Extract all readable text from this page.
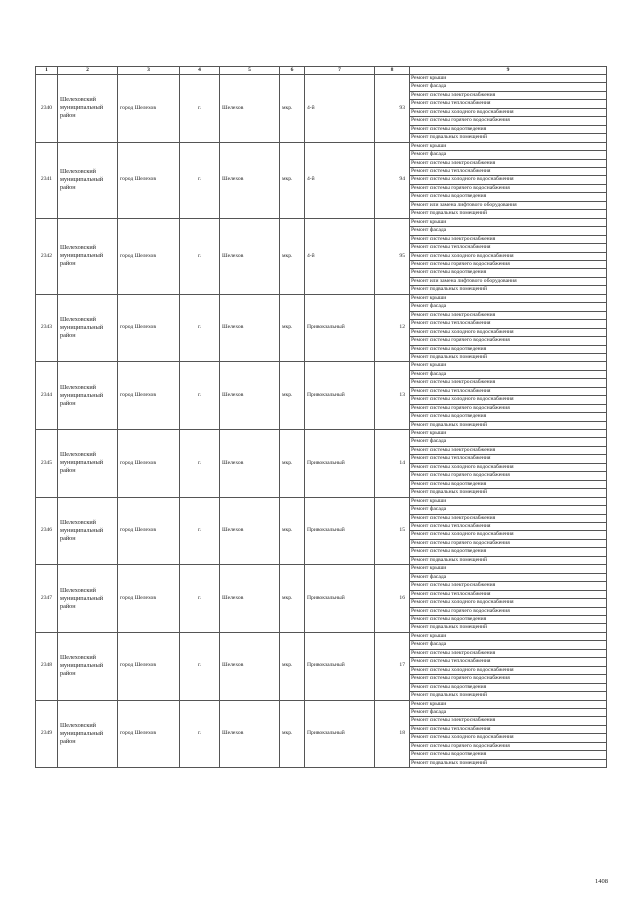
1	2	3	4	5	6	7	8	9
2340	Шелеховский муниципальный район	город Шелехов	г.	Шелехов	мкр.	4-й	93	Ремонт крыши
								Ремонт фасада
								Ремонт системы электроснабжения
								Ремонт системы теплоснабжения
								Ремонт системы холодного водоснабжения
								Ремонт системы горячего водоснабжения
								Ремонт системы водоотведения
								Ремонт подвальных помещений
2341	Шелеховский муниципальный район	город Шелехов	г.	Шелехов	мкр.	4-й	94	Ремонт крыши
								Ремонт фасада
								Ремонт системы электроснабжения
								Ремонт системы теплоснабжения
								Ремонт системы холодного водоснабжения
								Ремонт системы горячего водоснабжения
								Ремонт системы водоотведения
								Ремонт или замена лифтового оборудования
								Ремонт подвальных помещений
2342	Шелеховский муниципальный район	город Шелехов	г.	Шелехов	мкр.	4-й	95	Ремонт крыши
								Ремонт фасада
								Ремонт системы электроснабжения
								Ремонт системы теплоснабжения
								Ремонт системы холодного водоснабжения
								Ремонт системы горячего водоснабжения
								Ремонт системы водоотведения
								Ремонт или замена лифтового оборудования
								Ремонт подвальных помещений
2343	Шелеховский муниципальный район	город Шелехов	г.	Шелехов	мкр.	Привокзальный	12	Ремонт крыши
								Ремонт фасада
								Ремонт системы электроснабжения
								Ремонт системы теплоснабжения
								Ремонт системы холодного водоснабжения
								Ремонт системы горячего водоснабжения
								Ремонт системы водоотведения
								Ремонт подвальных помещений
2344	Шелеховский муниципальный район	город Шелехов	г.	Шелехов	мкр.	Привокзальный	13	Ремонт крыши
								Ремонт фасада
								Ремонт системы электроснабжения
								Ремонт системы теплоснабжения
								Ремонт системы холодного водоснабжения
								Ремонт системы горячего водоснабжения
								Ремонт системы водоотведения
								Ремонт подвальных помещений
2345	Шелеховский муниципальный район	город Шелехов	г.	Шелехов	мкр.	Привокзальный	14	Ремонт крыши
								Ремонт фасада
								Ремонт системы электроснабжения
								Ремонт системы теплоснабжения
								Ремонт системы холодного водоснабжения
								Ремонт системы горячего водоснабжения
								Ремонт системы водоотведения
								Ремонт подвальных помещений
2346	Шелеховский муниципальный район	город Шелехов	г.	Шелехов	мкр.	Привокзальный	15	Ремонт крыши
								Ремонт фасада
								Ремонт системы электроснабжения
								Ремонт системы теплоснабжения
								Ремонт системы холодного водоснабжения
								Ремонт системы горячего водоснабжения
								Ремонт системы водоотведения
								Ремонт подвальных помещений
2347	Шелеховский муниципальный район	город Шелехов	г.	Шелехов	мкр.	Привокзальный	16	Ремонт крыши
								Ремонт фасада
								Ремонт системы электроснабжения
								Ремонт системы теплоснабжения
								Ремонт системы холодного водоснабжения
								Ремонт системы горячего водоснабжения
								Ремонт системы водоотведения
								Ремонт подвальных помещений
2348	Шелеховский муниципальный район	город Шелехов	г.	Шелехов	мкр.	Привокзальный	17	Ремонт крыши
								Ремонт фасада
								Ремонт системы электроснабжения
								Ремонт системы теплоснабжения
								Ремонт системы холодного водоснабжения
								Ремонт системы горячего водоснабжения
								Ремонт системы водоотведения
								Ремонт подвальных помещений
2349	Шелеховский муниципальный район	город Шелехов	г.	Шелехов	мкр.	Привокзальный	18	Ремонт крыши
								Ремонт фасада
								Ремонт системы электроснабжения
								Ремонт системы теплоснабжения
								Ремонт системы холодного водоснабжения
								Ремонт системы горячего водоснабжения
								Ремонт системы водоотведения
								Ремонт подвальных помещений
1408
